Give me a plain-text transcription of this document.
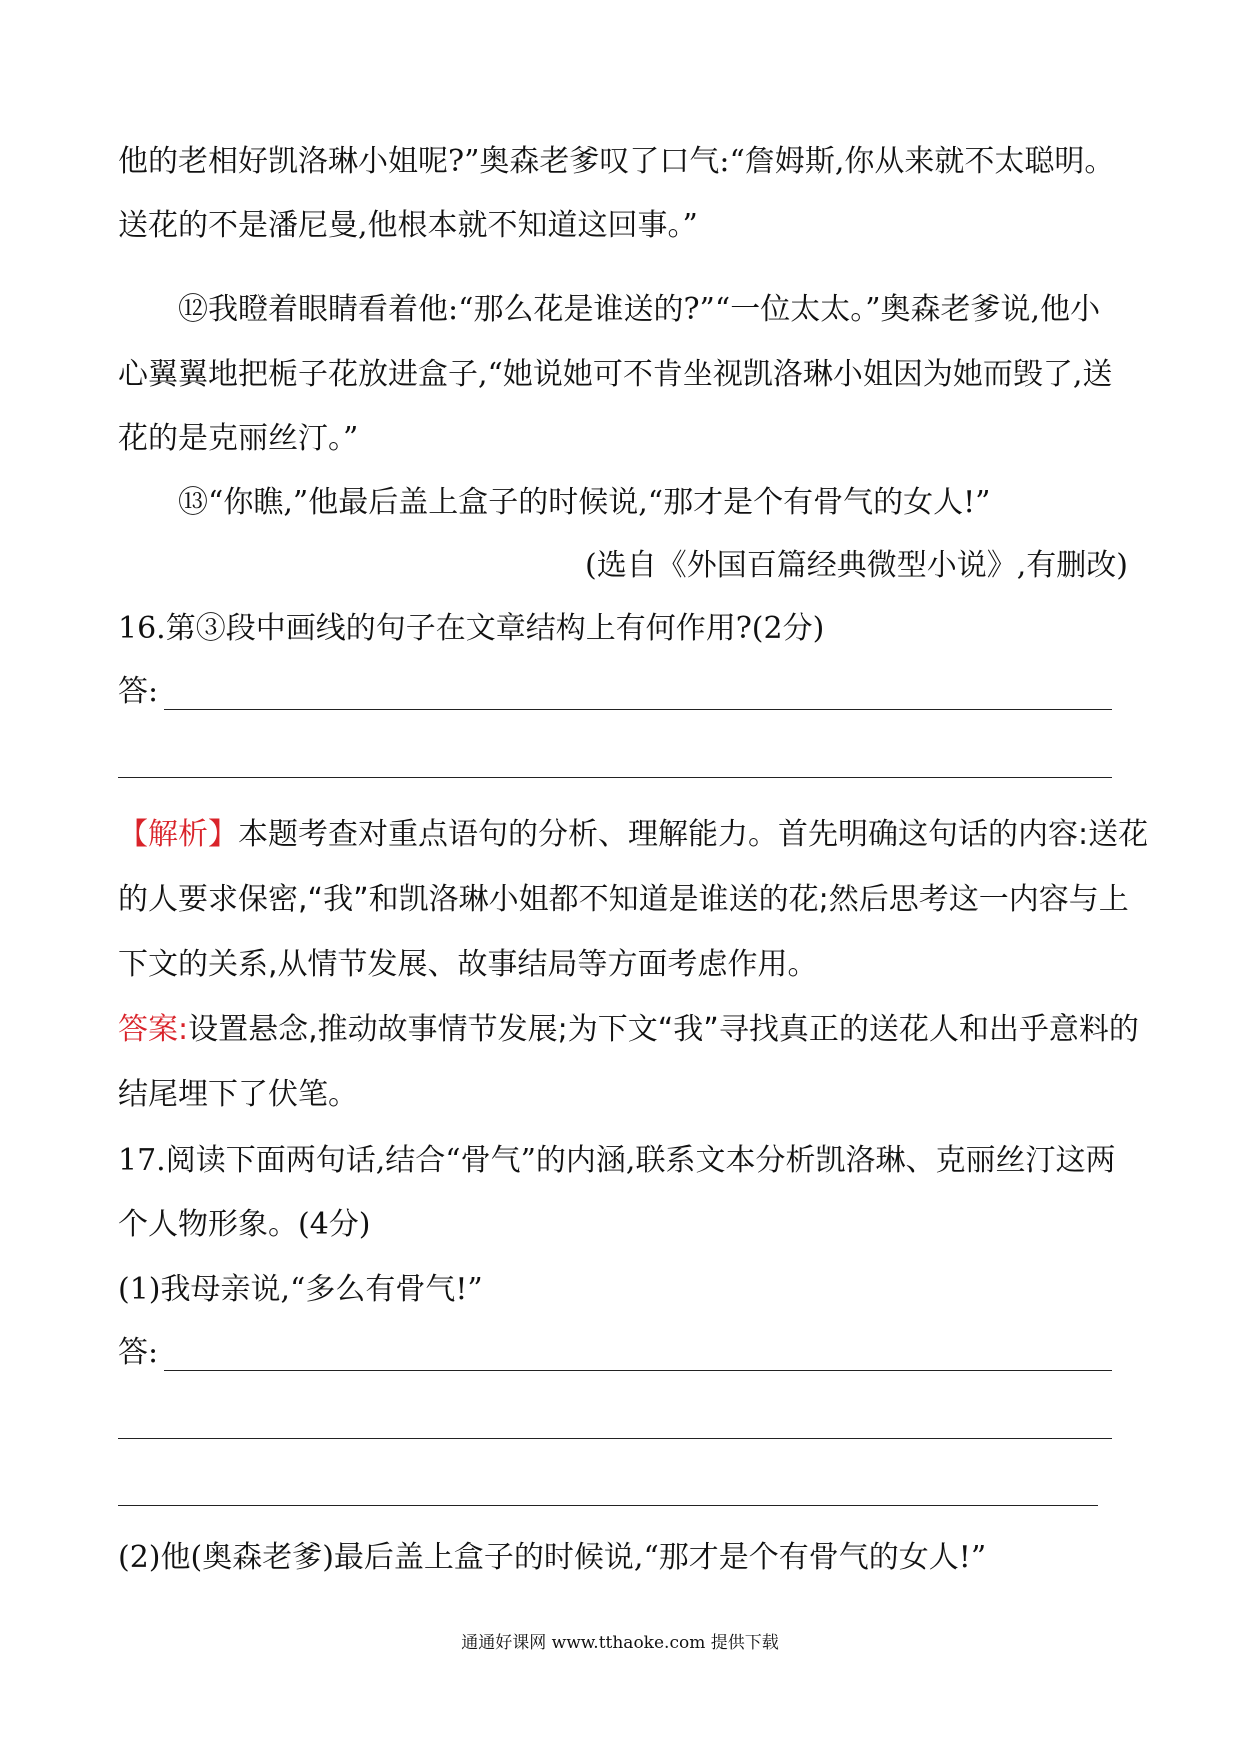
他的老相好凯洛琳小姐呢?”奥森老爹叹了口气:“詹姆斯,你从来就不太聪明。
送花的不是潘尼曼,他根本就不知道这回事。”
⑫我瞪着眼睛看着他:“那么花是谁送的?”“一位太太。”奥森老爹说,他小
心翼翼地把栀子花放进盒子,“她说她可不肯坐视凯洛琳小姐因为她而毁了,送
花的是克丽丝汀。”
⑬“你瞧,”他最后盖上盒子的时候说,“那才是个有骨气的女人!”
(选自《外国百篇经典微型小说》,有删改)
16.第③段中画线的句子在文章结构上有何作用?(2分)
答:
【解析】本题考查对重点语句的分析、理解能力。首先明确这句话的内容:送花
的人要求保密,“我”和凯洛琳小姐都不知道是谁送的花;然后思考这一内容与上
下文的关系,从情节发展、故事结局等方面考虑作用。
答案:设置悬念,推动故事情节发展;为下文“我”寻找真正的送花人和出乎意料的
结尾埋下了伏笔。
17.阅读下面两句话,结合“骨气”的内涵,联系文本分析凯洛琳、克丽丝汀这两
个人物形象。(4分)
(1)我母亲说,“多么有骨气!”
答:
(2)他(奥森老爹)最后盖上盒子的时候说,“那才是个有骨气的女人!”
通通好课网 www.tthaoke.com 提供下载
